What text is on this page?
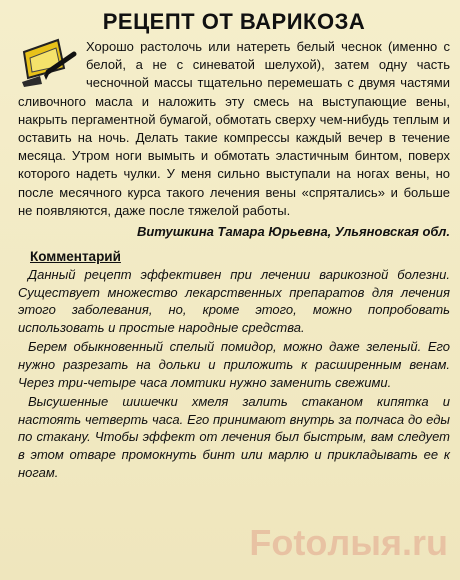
РЕЦЕПТ ОТ ВАРИКОЗА

Хорошо растолочь или натереть белый чеснок (именно с белой, а не с синеватой шелухой), затем одну часть чесночной массы тщательно перемешать с двумя частями сливочного масла и наложить эту смесь на выступающие вены, накрыть пергаментной бумагой, обмотать сверху чем-нибудь теплым и оставить на ночь. Делать такие компрессы каждый вечер в течение месяца. Утром ноги вымыть и обмотать эластичным бинтом, поверх которого надеть чулки. У меня сильно выступали на ногах вены, но после месячного курса такого лечения вены «спрятались» и больше не появляются, даже после тяжелой работы.

Витушкина Тамара Юрьевна, Ульяновская обл.
Комментарий

Данный рецепт эффективен при лечении варикозной болезни. Существует множество лекарственных препаратов для лечения этого заболевания, но, кроме этого, можно попробовать использовать и простые народные средства.

Берем обыкновенный спелый помидор, можно даже зеленый. Его нужно разрезать на дольки и приложить к расширенным венам. Через три-четыре часа ломтики нужно заменить свежими.

Высушенные шишечки хмеля залить стаканом кипятка и настоять четверть часа. Его принимают внутрь за полчаса до еды по стакану. Чтобы эффект от лечения был быстрым, вам следует в этом отваре промокнуть бинт или марлю и прикладывать ее к ногам.

Fotoлыя.ru
